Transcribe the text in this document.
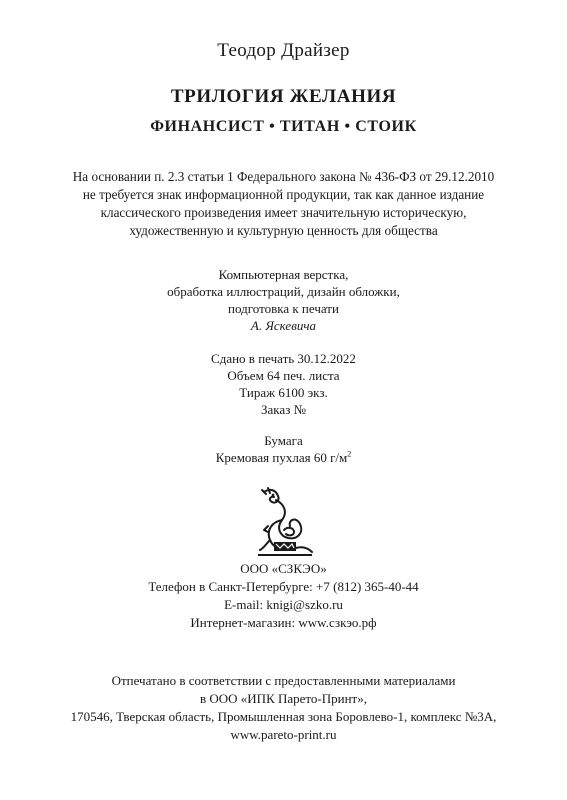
Теодор Драйзер
ТРИЛОГИЯ ЖЕЛАНИЯ
ФИНАНСИСТ • ТИТАН • СТОИК
На основании п. 2.3 статьи 1 Федерального закона № 436-ФЗ от 29.12.2010
не требуется знак информационной продукции, так как данное издание
классического произведения имеет значительную историческую,
художественную и культурную ценность для общества
Компьютерная верстка,
обработка иллюстраций, дизайн обложки,
подготовка к печати
А. Яскевича
Сдано в печать 30.12.2022
Объем 64 печ. листа
Тираж 6100 экз.
Заказ №
Бумага
Кремовая пухлая 60 $г/м^2$
ООО «СЗКЭО»
Телефон в Санкт-Петербурге: +7 (812) 365-40-44
E-mail: knigi@szko.ru
Интернет-магазин: www.сзкэо.рф
Отпечатано в соответствии с предоставленными материалами
в ООО «ИПК Парето-Принт»,
170546, Тверская область, Промышленная зона Боровлево-1, комплекс №3А,
www.pareto-print.ru
